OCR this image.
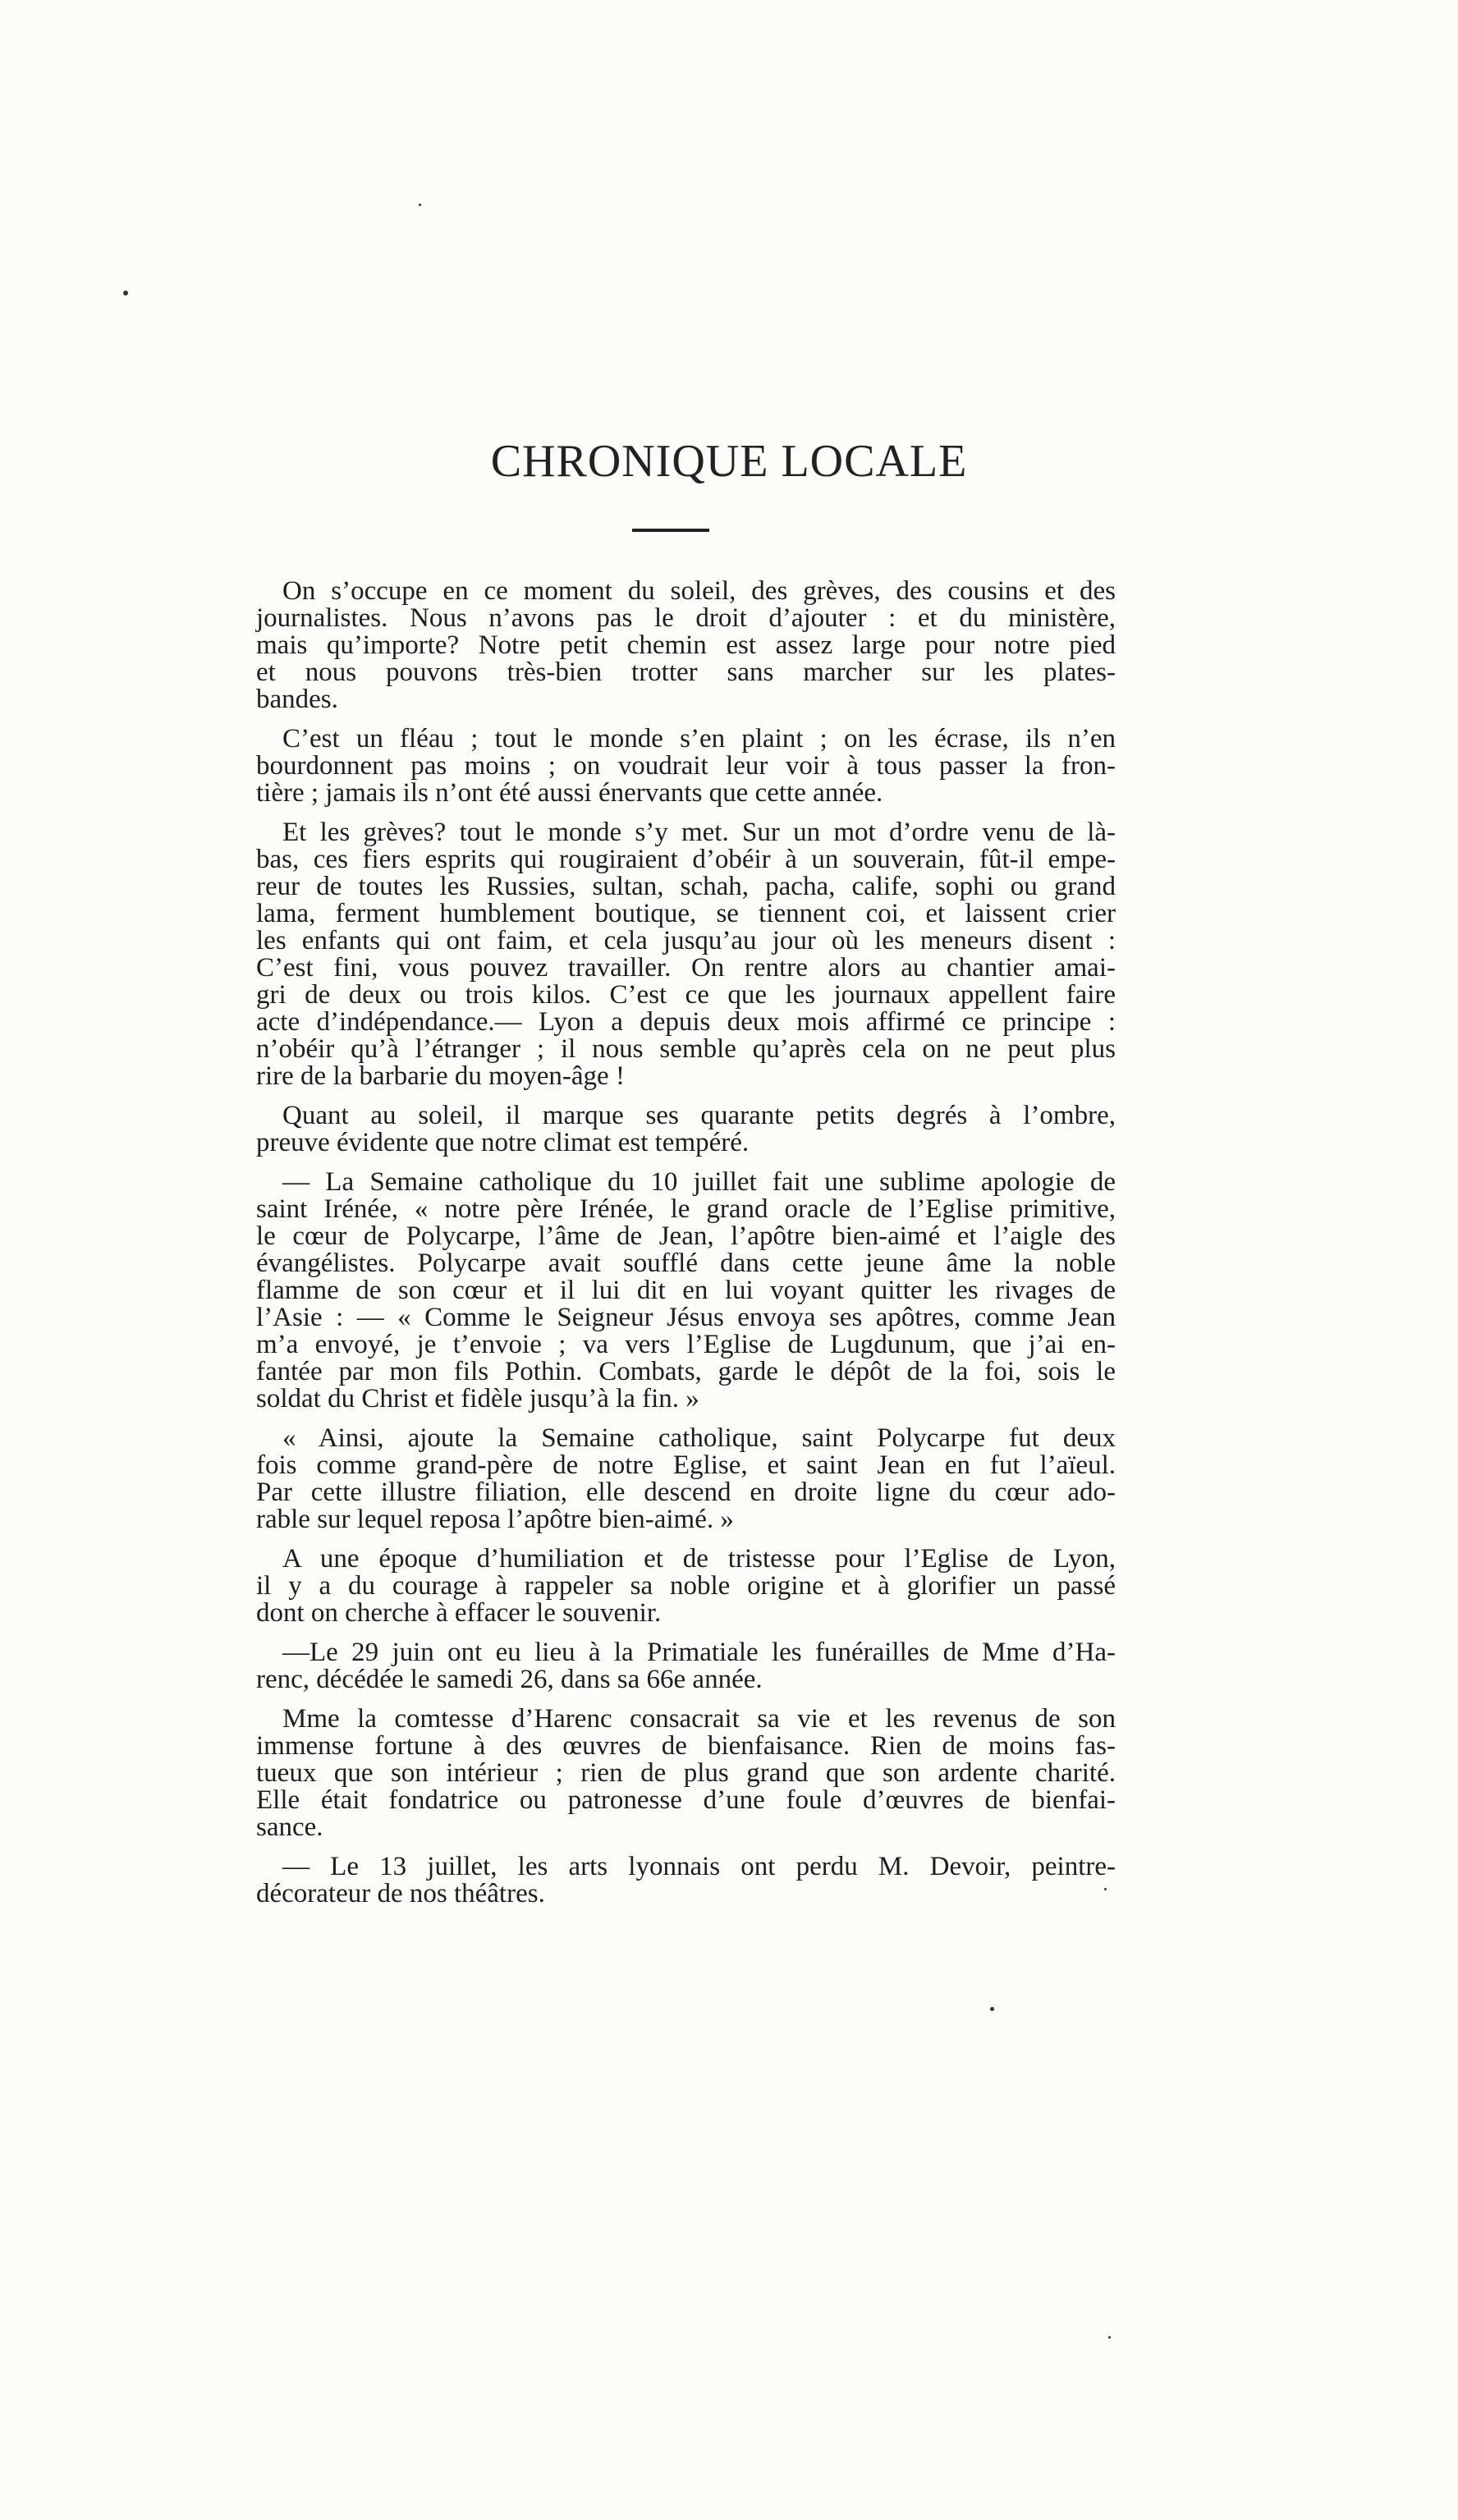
CHRONIQUE LOCALE

On s’occupe en ce moment du soleil, des grèves, des cousins et des
journalistes. Nous n’avons pas le droit d’ajouter : et du ministère,
mais qu’importe? Notre petit chemin est assez large pour notre pied
et nous pouvons très-bien trotter sans marcher sur les plates-
bandes.

C’est un fléau ; tout le monde s’en plaint ; on les écrase, ils n’en
bourdonnent pas moins ; on voudrait leur voir à tous passer la fron-
tière ; jamais ils n’ont été aussi énervants que cette année.

Et les grèves? tout le monde s’y met. Sur un mot d’ordre venu de là-
bas, ces fiers esprits qui rougiraient d’obéir à un souverain, fût-il empe-
reur de toutes les Russies, sultan, schah, pacha, calife, sophi ou grand
lama, ferment humblement boutique, se tiennent coi, et laissent crier
les enfants qui ont faim, et cela jusqu’au jour où les meneurs disent :
C’est fini, vous pouvez travailler. On rentre alors au chantier amai-
gri de deux ou trois kilos. C’est ce que les journaux appellent faire
acte d’indépendance.— Lyon a depuis deux mois affirmé ce principe :
n’obéir qu’à l’étranger ; il nous semble qu’après cela on ne peut plus
rire de la barbarie du moyen-âge !

Quant au soleil, il marque ses quarante petits degrés à l’ombre,
preuve évidente que notre climat est tempéré.

— La Semaine catholique du 10 juillet fait une sublime apologie de
saint Irénée, « notre père Irénée, le grand oracle de l’Eglise primitive,
le cœur de Polycarpe, l’âme de Jean, l’apôtre bien-aimé et l’aigle des
évangélistes. Polycarpe avait soufflé dans cette jeune âme la noble
flamme de son cœur et il lui dit en lui voyant quitter les rivages de
l’Asie : — « Comme le Seigneur Jésus envoya ses apôtres, comme Jean
m’a envoyé, je t’envoie ; va vers l’Eglise de Lugdunum, que j’ai en-
fantée par mon fils Pothin. Combats, garde le dépôt de la foi, sois le
soldat du Christ et fidèle jusqu’à la fin. »

« Ainsi, ajoute la Semaine catholique, saint Polycarpe fut deux
fois comme grand-père de notre Eglise, et saint Jean en fut l’aïeul.
Par cette illustre filiation, elle descend en droite ligne du cœur ado-
rable sur lequel reposa l’apôtre bien-aimé. »

A une époque d’humiliation et de tristesse pour l’Eglise de Lyon,
il y a du courage à rappeler sa noble origine et à glorifier un passé
dont on cherche à effacer le souvenir.

—Le 29 juin ont eu lieu à la Primatiale les funérailles de Mme d’Ha-
renc, décédée le samedi 26, dans sa 66e année.

Mme la comtesse d’Harenc consacrait sa vie et les revenus de son
immense fortune à des œuvres de bienfaisance. Rien de moins fas-
tueux que son intérieur ; rien de plus grand que son ardente charité.
Elle était fondatrice ou patronesse d’une foule d’œuvres de bienfai-
sance.

— Le 13 juillet, les arts lyonnais ont perdu M. Devoir, peintre-
décorateur de nos théâtres.
